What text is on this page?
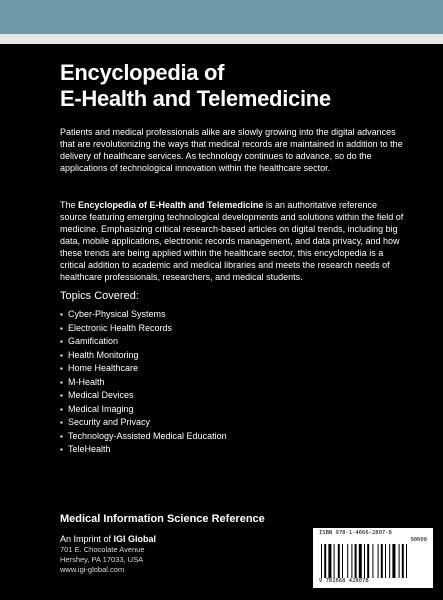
Encyclopedia of
E-Health and Telemedicine
Patients and medical professionals alike are slowly growing into the digital advances that are revolutionizing the ways that medical records are maintained in addition to the delivery of healthcare services. As technology continues to advance, so do the applications of technological innovation within the healthcare sector.
The Encyclopedia of E-Health and Telemedicine is an authoritative reference source featuring emerging technological developments and solutions within the field of medicine. Emphasizing critical research-based articles on digital trends, including big data, mobile applications, electronic records management, and data privacy, and how these trends are being applied within the healthcare sector, this encyclopedia is a critical addition to academic and medical libraries and meets the research needs of healthcare professionals, researchers, and medical students.
Topics Covered:
▪ Cyber-Physical Systems
▪ Electronic Health Records
▪ Gamification
▪ Health Monitoring
▪ Home Healthcare
▪ M-Health
▪ Medical Devices
▪ Medical Imaging
▪ Security and Privacy
▪ Technology-Assisted Medical Education
▪ TeleHealth
Medical Information Science Reference
An Imprint of IGI Global
701 E. Chocolate Avenue
Hershey, PA 17033, USA
www.igi-global.com
ISBN 978-1-4666-2807-8
90000
9 781668 428078
